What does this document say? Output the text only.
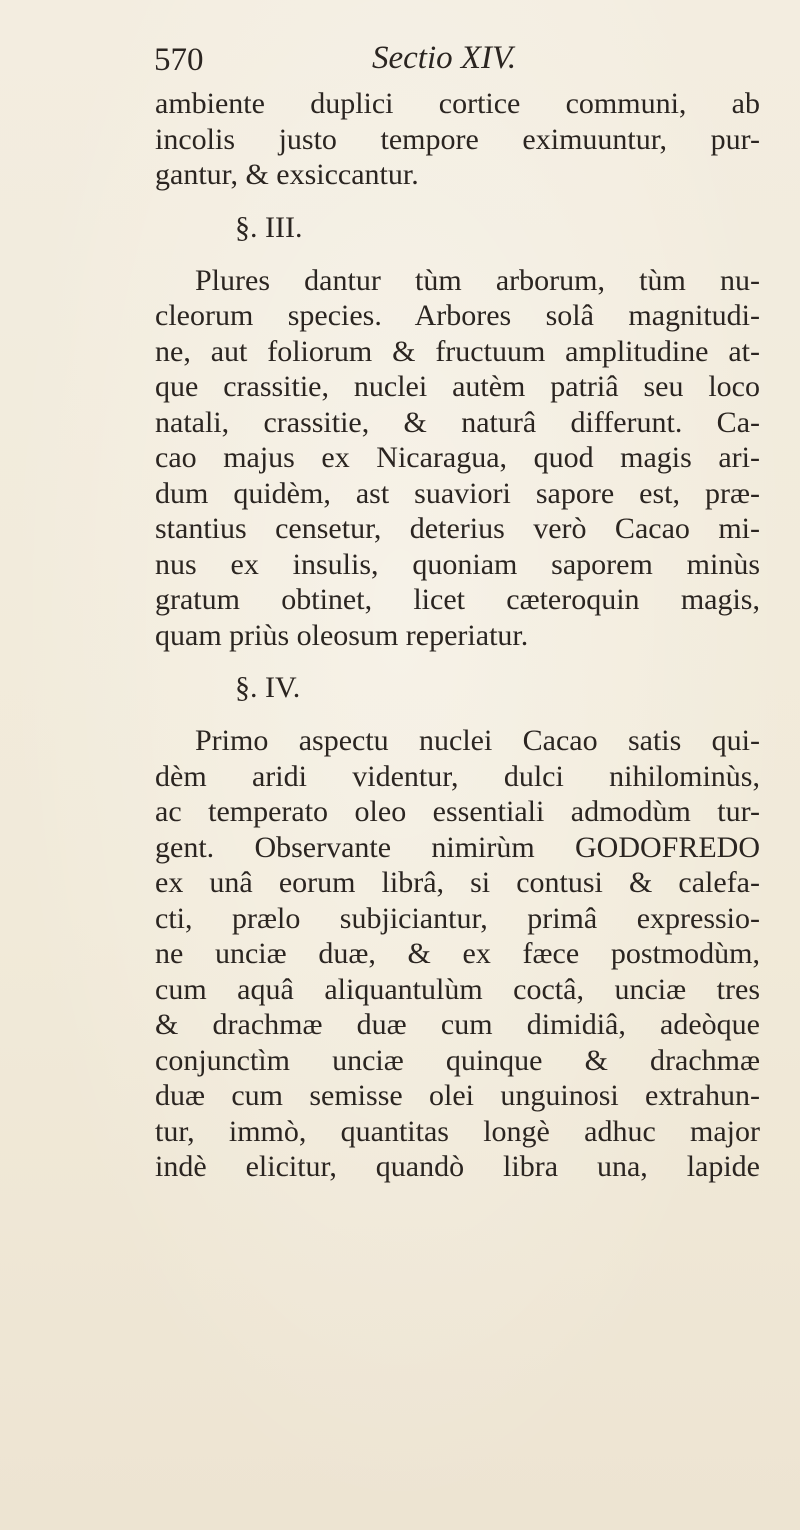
570	Sectio XIV.
ambiente duplici cortice communi, ab
incolis justo tempore eximuuntur, pur-
gantur, & exsiccantur.
§. III.
Plures dantur tùm arborum, tùm nu-
cleorum species. Arbores solâ magnitudi-
ne, aut foliorum & fructuum amplitudine at-
que crassitie, nuclei autèm patriâ seu loco
natali, crassitie, & naturâ differunt. Ca-
cao majus ex Nicaragua, quod magis ari-
dum quidèm, ast suaviori sapore est, præ-
stantius censetur, deterius verò Cacao mi-
nus ex insulis, quoniam saporem minùs
gratum obtinet, licet cæteroquin magis,
quam priùs oleosum reperiatur.
§. IV.
Primo aspectu nuclei Cacao satis qui-
dèm aridi videntur, dulci nihilominùs,
ac temperato oleo essentiali admodùm tur-
gent. Observante nimirùm GODOFREDO
ex unâ eorum librâ, si contusi & calefa-
cti, prælo subjiciantur, primâ expressio-
ne unciæ duæ, & ex fæce postmodùm,
cum aquâ aliquantulùm coctâ, unciæ tres
& drachmæ duæ cum dimidiâ, adeòque
conjunctìm unciæ quinque & drachmæ
duæ cum semisse olei unguinosi extrahun-
tur, immò, quantitas longè adhuc major
indè elicitur, quandò libra una, lapide
